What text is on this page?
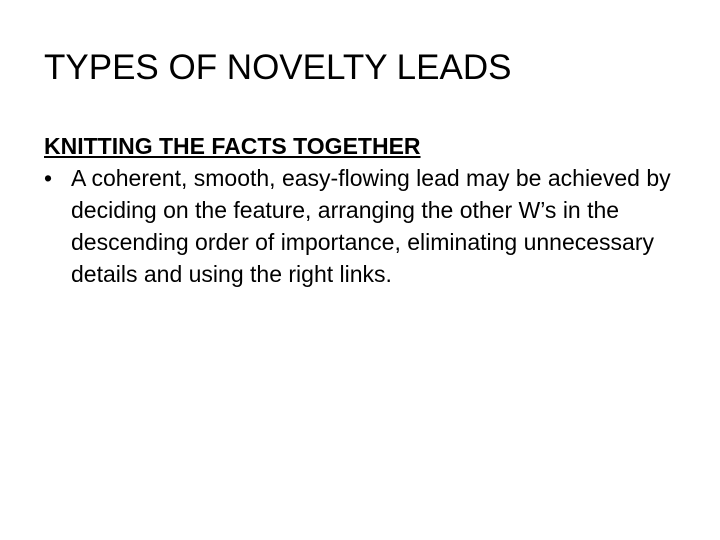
TYPES OF NOVELTY LEADS
KNITTING THE FACTS TOGETHER
• A coherent, smooth, easy-flowing lead may be achieved by deciding on the feature, arranging the other W’s in the descending order of importance, eliminating unnecessary details and using the right links.
